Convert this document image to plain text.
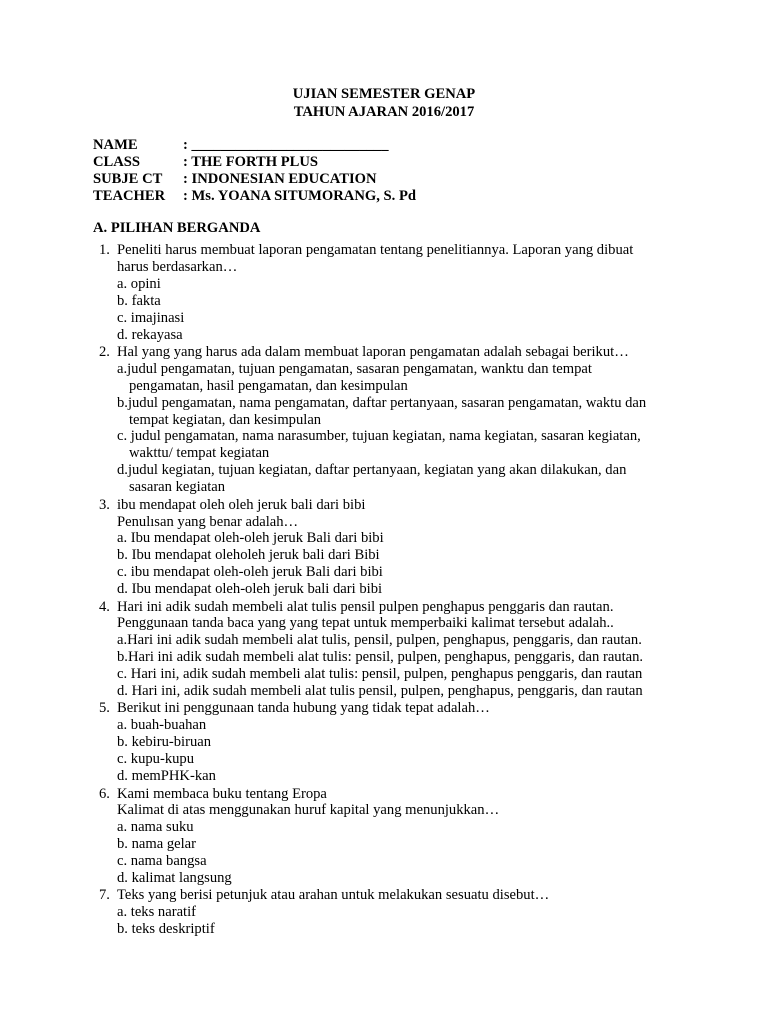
UJIAN SEMESTER GENAP
TAHUN AJARAN 2016/2017
NAME	: ___________________________
CLASS	: THE FORTH PLUS
SUBJE CT : INDONESIAN EDUCATION
TEACHER : Ms. YOANA SITUMORANG, S. Pd
A. PILIHAN BERGANDA
1. Peneliti harus membuat laporan pengamatan tentang penelitiannya. Laporan yang dibuat
harus berdasarkan…
a. opini
b. fakta
c. imajinasi
d. rekayasa
2. Hal yang yang harus ada dalam membuat laporan pengamatan adalah sebagai berikut…
a.judul pengamatan, tujuan pengamatan, sasaran pengamatan, wanktu dan tempat
pengamatan, hasil pengamatan, dan kesimpulan
b.judul pengamatan, nama pengamatan, daftar pertanyaan, sasaran pengamatan, waktu dan
tempat kegiatan, dan kesimpulan
c. judul pengamatan, nama narasumber, tujuan kegiatan, nama kegiatan, sasaran kegiatan,
wakttu/ tempat kegiatan
d.judul kegiatan, tujuan kegiatan, daftar pertanyaan, kegiatan yang akan dilakukan, dan
sasaran kegiatan
3. ibu mendapat oleh oleh jeruk bali dari bibi
Penulısan yang benar adalah…
a. Ibu mendapat oleh-oleh jeruk Bali dari bibi
b. Ibu mendapat oleholeh jeruk bali dari Bibi
c. ibu mendapat oleh-oleh jeruk Bali dari bibi
d. Ibu mendapat oleh-oleh jeruk bali dari bibi
4. Hari ini adik sudah membeli alat tulis pensil pulpen penghapus penggaris dan rautan.
Penggunaan tanda baca yang yang tepat untuk memperbaiki kalimat tersebut adalah..
a.Hari ini adik sudah membeli alat tulis, pensil, pulpen, penghapus, penggaris, dan rautan.
b.Hari ini adik sudah membeli alat tulis: pensil, pulpen, penghapus, penggaris, dan rautan.
c. Hari ini, adik sudah membeli alat tulis: pensil, pulpen, penghapus penggaris, dan rautan
d. Hari ini, adik sudah membeli alat tulis pensil, pulpen, penghapus, penggaris, dan rautan
5. Berikut ini penggunaan tanda hubung yang tidak tepat adalah…
a. buah-buahan
b. kebiru-biruan
c. kupu-kupu
d. memPHK-kan
6. Kami membaca buku tentang Eropa
Kalimat di atas menggunakan huruf kapital yang menunjukkan…
a. nama suku
b. nama gelar
c. nama bangsa
d. kalimat langsung
7. Teks yang berisi petunjuk atau arahan untuk melakukan sesuatu disebut…
a. teks naratif
b. teks deskriptif
